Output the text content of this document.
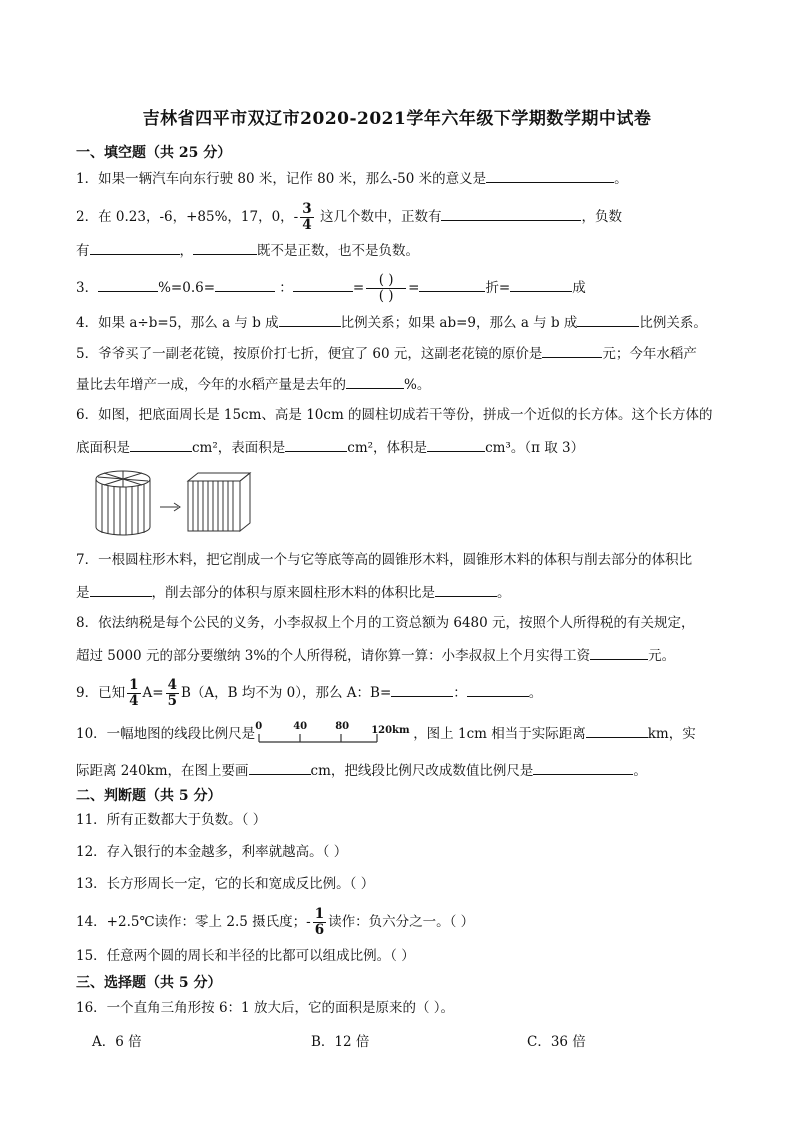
吉林省四平市双辽市2020-2021学年六年级下学期数学期中试卷
一、填空题（共 25 分）
1．如果一辆汽车向东行驶 80 米，记作 80 米，那么-50 米的意义是	。
2．在 0.23，-6，+85%，17，0，- $\frac{3}{4}$ 这几个数中，正数有	，负数
有	，	既不是正数，也不是负数。
3．	%=0.6=	：	= $\frac{( )}{( )}$ =	折=	成
4．如果 a÷b=5，那么 a 与 b 成	比例关系；如果 ab=9，那么 a 与 b 成	比例关系。
5．爷爷买了一副老花镜，按原价打七折，便宜了 60 元，这副老花镜的原价是	元；今年水稻产
量比去年增产一成，今年的水稻产量是去年的	%。
6．如图，把底面周长是 15cm、高是 10cm 的圆柱切成若干等份，拼成一个近似的长方体。这个长方体的
底面积是	cm²，表面积是	cm²，体积是	cm³。（π 取 3）
7．一根圆柱形木料，把它削成一个与它等底等高的圆锥形木料，圆锥形木料的体积与削去部分的体积比
是	，削去部分的体积与原来圆柱形木料的体积比是	。
8．依法纳税是每个公民的义务，小李叔叔上个月的工资总额为 6480 元，按照个人所得税的有关规定，
超过 5000 元的部分要缴纳 3%的个人所得税，请你算一算：小李叔叔上个月实得工资	元。
9．已知 $\frac{1}{4} A= \frac{4}{5} B(A$，B 均不为 0），那么 A：B=	：	。
10．一幅地图的线段比例尺是 0	40	80 120km ，图上 1cm 相当于实际距离	km，实
际距离 240km，在图上要画	cm，把线段比例尺改成数值比例尺是	。
二、判断题（共 5 分）
11．所有正数都大于负数。（ ）
12．存入银行的本金越多，利率就越高。（ ）
13．长方形周长一定，它的长和宽成反比例。（ ）
14．+2.5℃读作：零上 2.5 摄氏度；- $\frac{1}{6}$ 读作：负六分之一。（ ）
15．任意两个圆的周长和半径的比都可以组成比例。（ ）
三、选择题（共 5 分）
16．一个直角三角形按 6：1 放大后，它的面积是原来的（ ）。
A．6 倍	B．12 倍	C．36 倍
